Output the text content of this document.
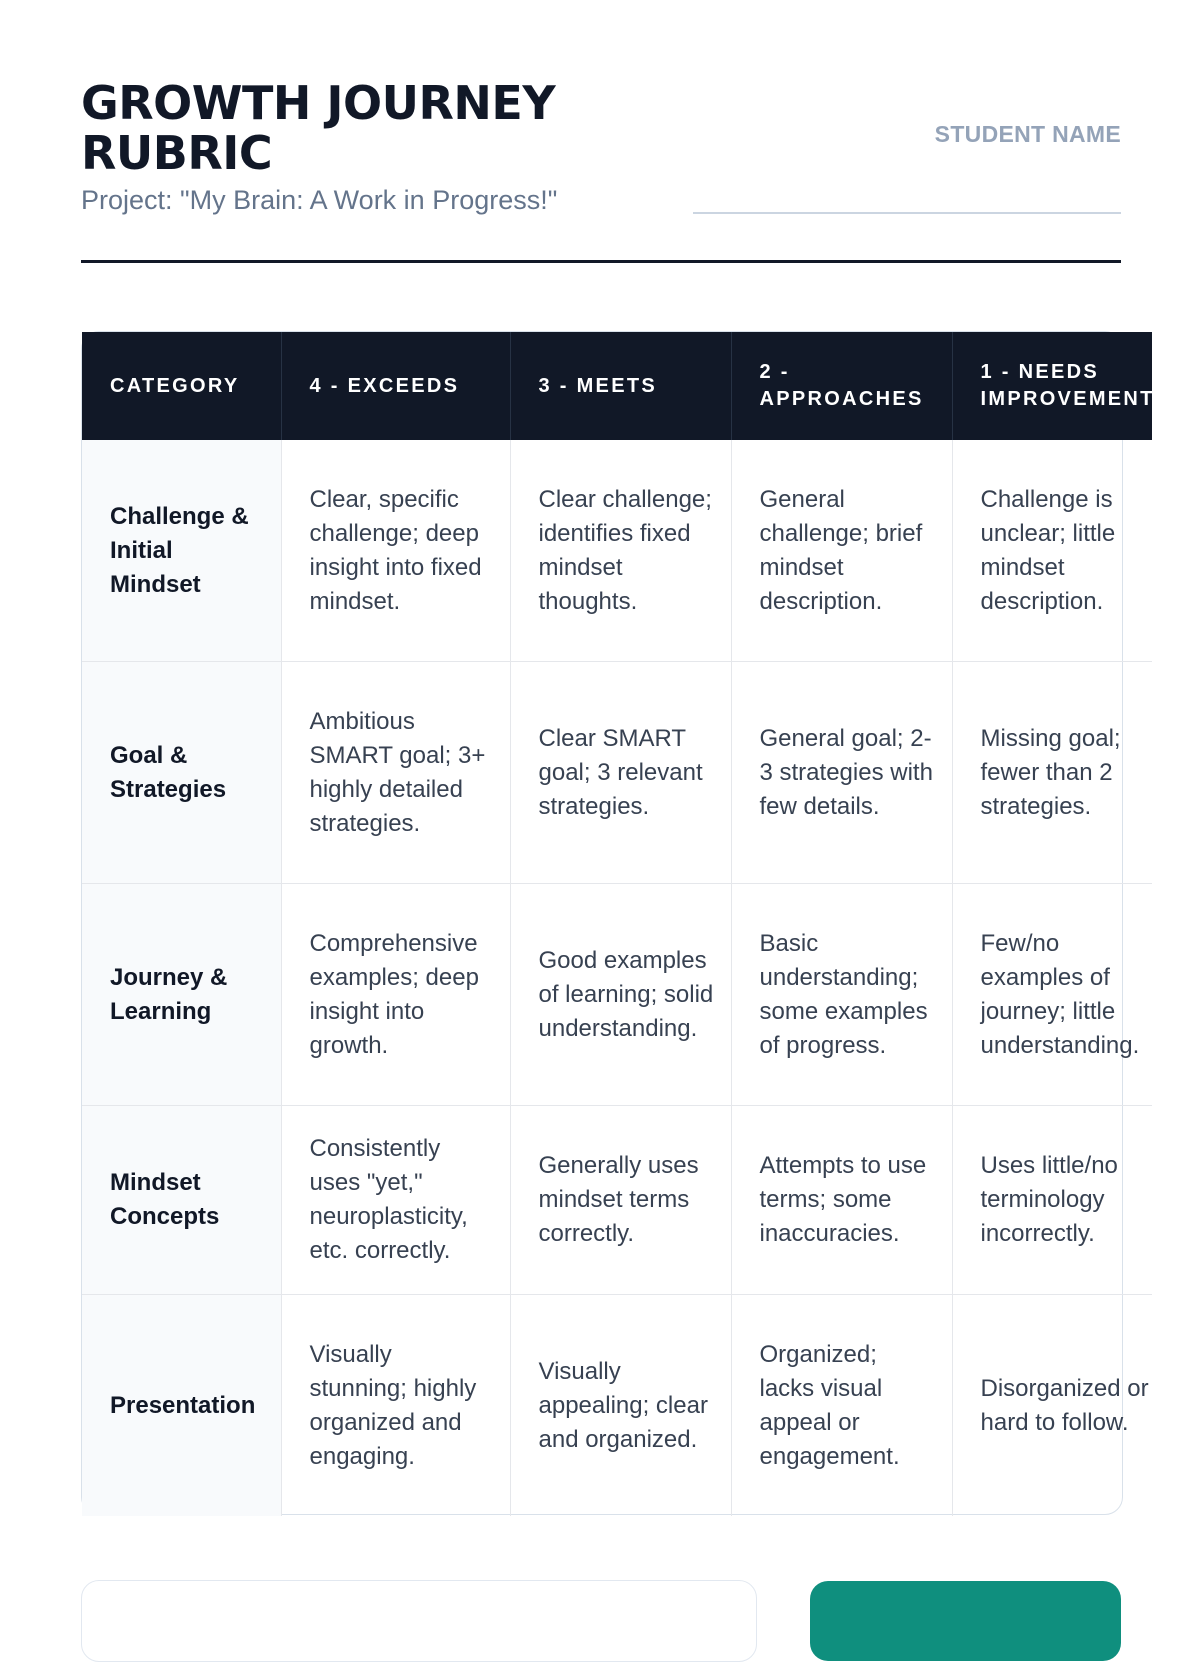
GROWTH JOURNEY RUBRIC

Project: "My Brain: A Work in Progress!"

STUDENT NAME
CATEGORY	4 - EXCEEDS	3 - MEETS	2 - APPROACHES	1 - NEEDS IMPROVEMENT
Challenge & Initial Mindset	Clear, specific challenge; deep insight into fixed mindset.	Clear challenge; identifies fixed mindset thoughts.	General challenge; brief mindset description.	Challenge is unclear; little mindset description.
Goal & Strategies	Ambitious SMART goal; 3+ highly detailed strategies.	Clear SMART goal; 3 relevant strategies.	General goal; 2-3 strategies with few details.	Missing goal; fewer than 2 strategies.
Journey & Learning	Comprehensive examples; deep insight into growth.	Good examples of learning; solid understanding.	Basic understanding; some examples of progress.	Few/no examples of journey; little understanding.
Mindset Concepts	Consistently uses "yet," neuroplasticity, etc. correctly.	Generally uses mindset terms correctly.	Attempts to use terms; some inaccuracies.	Uses little/no terminology incorrectly.
Presentation	Visually stunning; highly organized and engaging.	Visually appealing; clear and organized.	Organized; lacks visual appeal or engagement.	Disorganized or hard to follow.
